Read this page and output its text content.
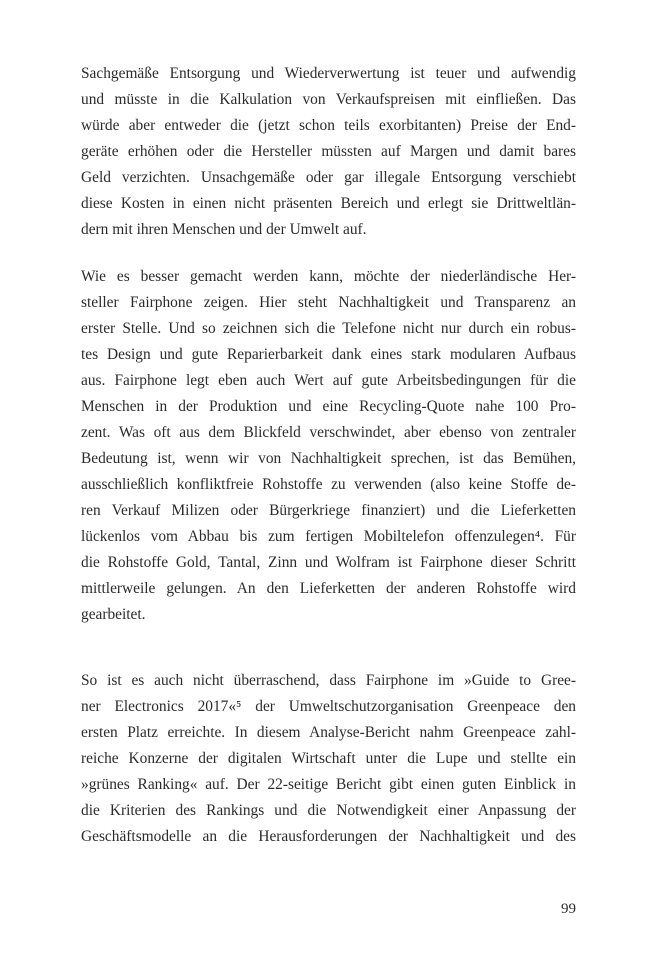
Sachgemäße Entsorgung und Wiederverwertung ist teuer und aufwendig
und müsste in die Kalkulation von Verkaufspreisen mit einfließen. Das
würde aber entweder die (jetzt schon teils exorbitanten) Preise der End-
geräte erhöhen oder die Hersteller müssten auf Margen und damit bares
Geld verzichten. Unsachgemäße oder gar illegale Entsorgung verschiebt
diese Kosten in einen nicht präsenten Bereich und erlegt sie Drittweltlän-
dern mit ihren Menschen und der Umwelt auf.
Wie es besser gemacht werden kann, möchte der niederländische Her-
steller Fairphone zeigen. Hier steht Nachhaltigkeit und Transparenz an
erster Stelle. Und so zeichnen sich die Telefone nicht nur durch ein robus-
tes Design und gute Reparierbarkeit dank eines stark modularen Aufbaus
aus. Fairphone legt eben auch Wert auf gute Arbeitsbedingungen für die
Menschen in der Produktion und eine Recycling-Quote nahe 100 Pro-
zent. Was oft aus dem Blickfeld verschwindet, aber ebenso von zentraler
Bedeutung ist, wenn wir von Nachhaltigkeit sprechen, ist das Bemühen,
ausschließlich konfliktfreie Rohstoffe zu verwenden (also keine Stoffe de-
ren Verkauf Milizen oder Bürgerkriege finanziert) und die Lieferketten
lückenlos vom Abbau bis zum fertigen Mobiltelefon offenzulegen⁴. Für
die Rohstoffe Gold, Tantal, Zinn und Wolfram ist Fairphone dieser Schritt
mittlerweile gelungen. An den Lieferketten der anderen Rohstoffe wird
gearbeitet.
So ist es auch nicht überraschend, dass Fairphone im »Guide to Gree-
ner Electronics 2017«⁵ der Umweltschutzorganisation Greenpeace den
ersten Platz erreichte. In diesem Analyse-Bericht nahm Greenpeace zahl-
reiche Konzerne der digitalen Wirtschaft unter die Lupe und stellte ein
»grünes Ranking« auf. Der 22-seitige Bericht gibt einen guten Einblick in
die Kriterien des Rankings und die Notwendigkeit einer Anpassung der
Geschäftsmodelle an die Herausforderungen der Nachhaltigkeit und des
99
